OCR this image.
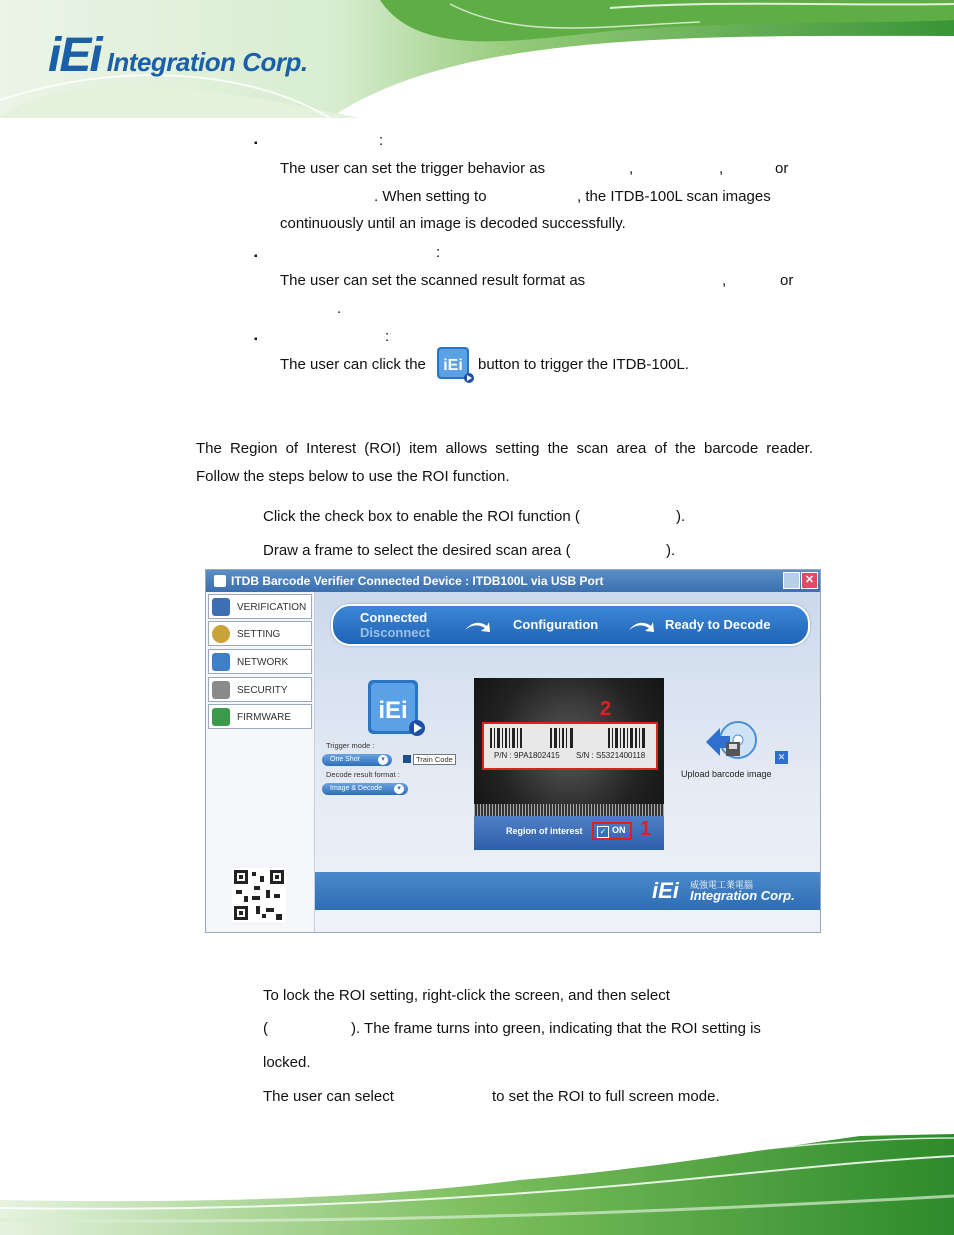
iEi Integration Corp.
▪	:
The user can set the trigger behavior as	,	,	or
. When setting to	, the ITDB-100L scan images
continuously until an image is decoded successfully.
▪	:
The user can set the scanned result format as	,	or
.
▪	:
The user can click the iEi button to trigger the ITDB-100L.
The Region of Interest (ROI) item allows setting the scan area of the barcode reader.
Follow the steps below to use the ROI function.
Click the check box to enable the ROI function (	).
Draw a frame to select the desired scan area (	).
ITDB Barcode Verifier Connected Device : ITDB100L via USB Port	✕
VERIFICATION
SETTING
NETWORK
SECURITY
FIRMWARE
Connected
Disconnect
Configuration	Ready to Decode
iEi
Trigger mode :
One Shot	▾	Train Code
Decode result format :
Image & Decode	▾
P/N : 9PA1802415 S/N : S5321400118
2
Region of interest	✓ ON 1
✕
Upload barcode image
iEi 威強電工業電腦
Integration Corp.
To lock the ROI setting, right-click the screen, and then select
(	). The frame turns into green, indicating that the ROI setting is
locked.
The user can select	to set the ROI to full screen mode.
